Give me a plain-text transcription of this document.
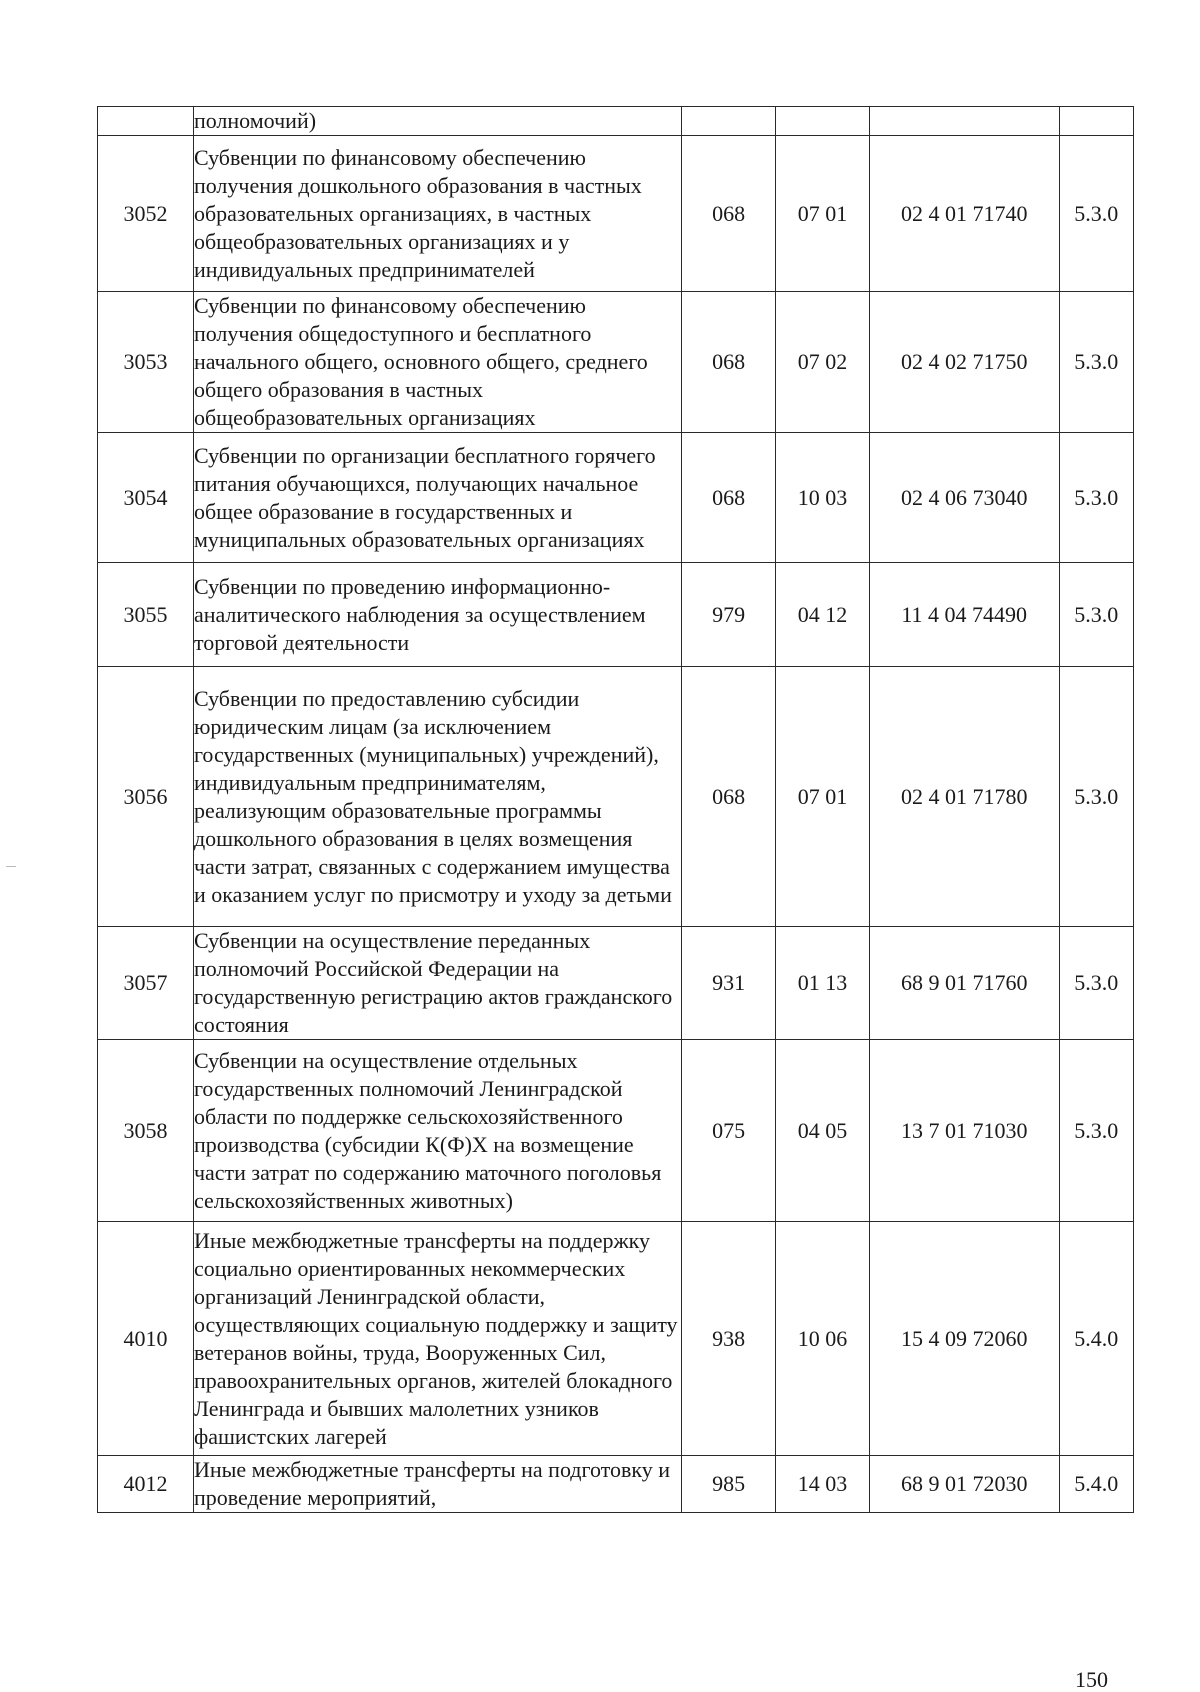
	полномочий)				
3052	Субвенции по финансовому обеспечению получения дошкольного образования в частных образовательных организациях, в частных общеобразовательных организациях и у индивидуальных предпринимателей	068	07 01	02 4 01 71740	5.3.0
3053	Субвенции по финансовому обеспечению получения общедоступного и бесплатного начального общего, основного общего, среднего общего образования в частных общеобразовательных организациях	068	07 02	02 4 02 71750	5.3.0
3054	Субвенции по организации бесплатного горячего питания обучающихся, получающих начальное общее образование в государственных и муниципальных образовательных организациях	068	10 03	02 4 06 73040	5.3.0
3055	Субвенции по проведению информационно-аналитического наблюдения за осуществлением торговой деятельности	979	04 12	11 4 04 74490	5.3.0
3056	Субвенции по предоставлению субсидии юридическим лицам (за исключением государственных (муниципальных) учреждений), индивидуальным предпринимателям, реализующим образовательные программы дошкольного образования в целях возмещения части затрат, связанных с содержанием имущества и оказанием услуг по присмотру и уходу за детьми	068	07 01	02 4 01 71780	5.3.0
3057	Субвенции на осуществление переданных полномочий Российской Федерации на государственную регистрацию актов гражданского состояния	931	01 13	68 9 01 71760	5.3.0
3058	Субвенции на осуществление отдельных государственных полномочий Ленинградской области по поддержке сельскохозяйственного производства (субсидии К(Ф)Х на возмещение части затрат по содержанию маточного поголовья сельскохозяйственных животных)	075	04 05	13 7 01 71030	5.3.0
4010	Иные межбюджетные трансферты на поддержку социально ориентированных некоммерческих организаций Ленинградской области, осуществляющих социальную поддержку и защиту ветеранов войны, труда, Вооруженных Сил, правоохранительных органов, жителей блокадного Ленинграда и бывших малолетних узников фашистских лагерей	938	10 06	15 4 09 72060	5.4.0
4012	Иные межбюджетные трансферты на подготовку и проведение мероприятий,	985	14 03	68 9 01 72030	5.4.0
150
